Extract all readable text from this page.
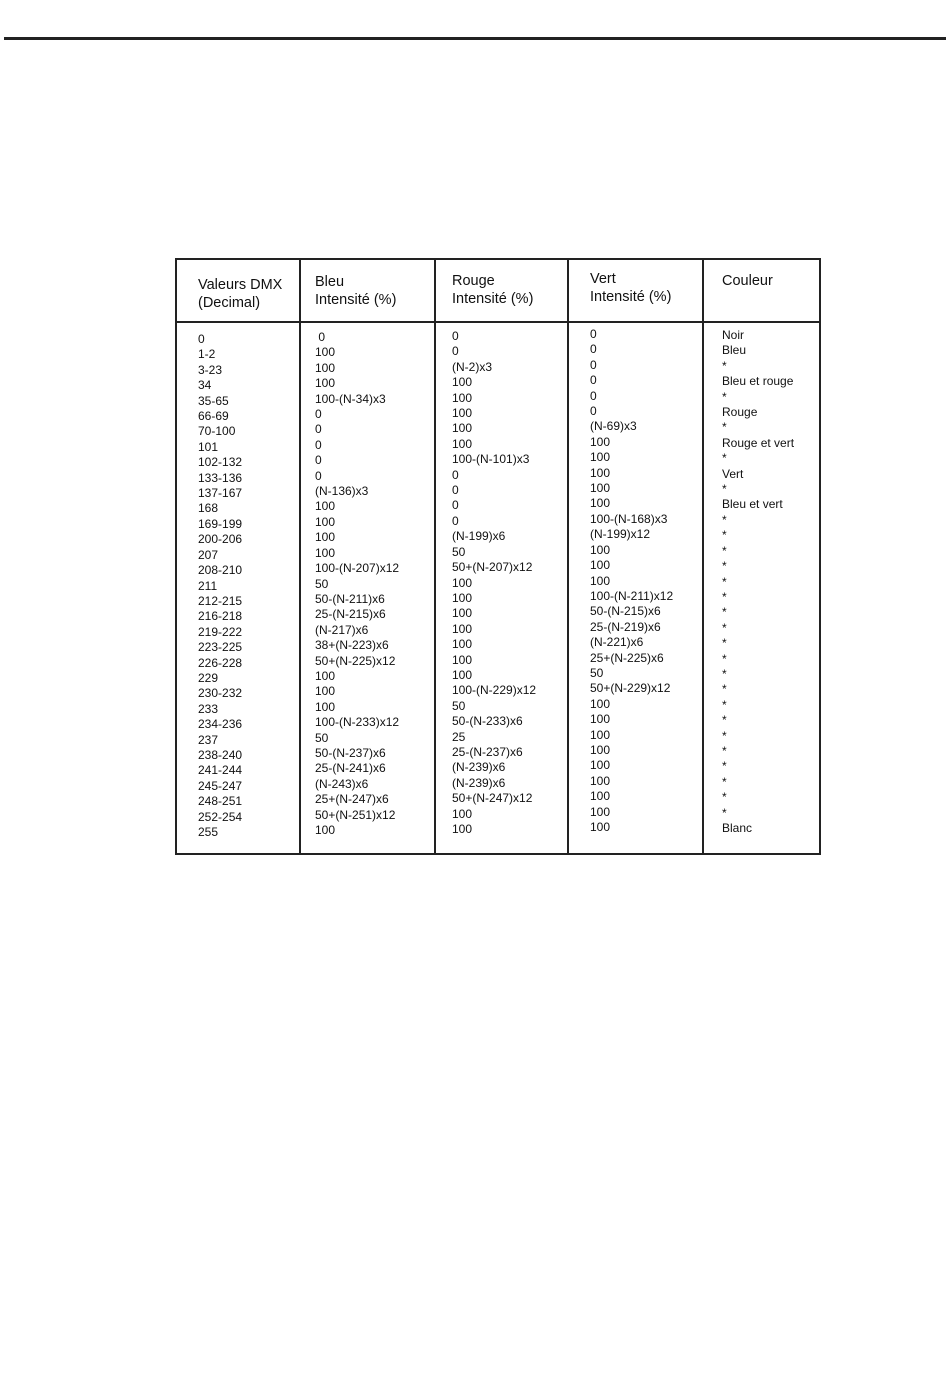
Valeurs DMX
(Decimal)
Bleu
Intensité (%)
Rouge
Intensité (%)
Vert
Intensité (%)
Couleur
0
1-2
3-23
34
35-65
66-69
70-100
101
102-132
133-136
137-167
168
169-199
200-206
207
208-210
211
212-215
216-218
219-222
223-225
226-228
229
230-232
233
234-236
237
238-240
241-244
245-247
248-251
252-254
255
0
100
100
100
100-(N-34)x3
0
0
0
0
0
(N-136)x3
100
100
100
100
100-(N-207)x12
50
50-(N-211)x6
25-(N-215)x6
(N-217)x6
38+(N-223)x6
50+(N-225)x12
100
100
100
100-(N-233)x12
50
50-(N-237)x6
25-(N-241)x6
(N-243)x6
25+(N-247)x6
50+(N-251)x12
100
0
0
(N-2)x3
100
100
100
100
100
100-(N-101)x3
0
0
0
0
(N-199)x6
50
50+(N-207)x12
100
100
100
100
100
100
100
100-(N-229)x12
50
50-(N-233)x6
25
25-(N-237)x6
(N-239)x6
(N-239)x6
50+(N-247)x12
100
100
0
0
0
0
0
0
(N-69)x3
100
100
100
100
100
100-(N-168)x3
(N-199)x12
100
100
100
100-(N-211)x12
50-(N-215)x6
25-(N-219)x6
(N-221)x6
25+(N-225)x6
50
50+(N-229)x12
100
100
100
100
100
100
100
100
100
Noir
Bleu
*
Bleu et rouge
*
Rouge
*
Rouge et vert
*
Vert
*
Bleu et vert
*
*
*
*
*
*
*
*
*
*
*
*
*
*
*
*
*
*
*
*
Blanc
